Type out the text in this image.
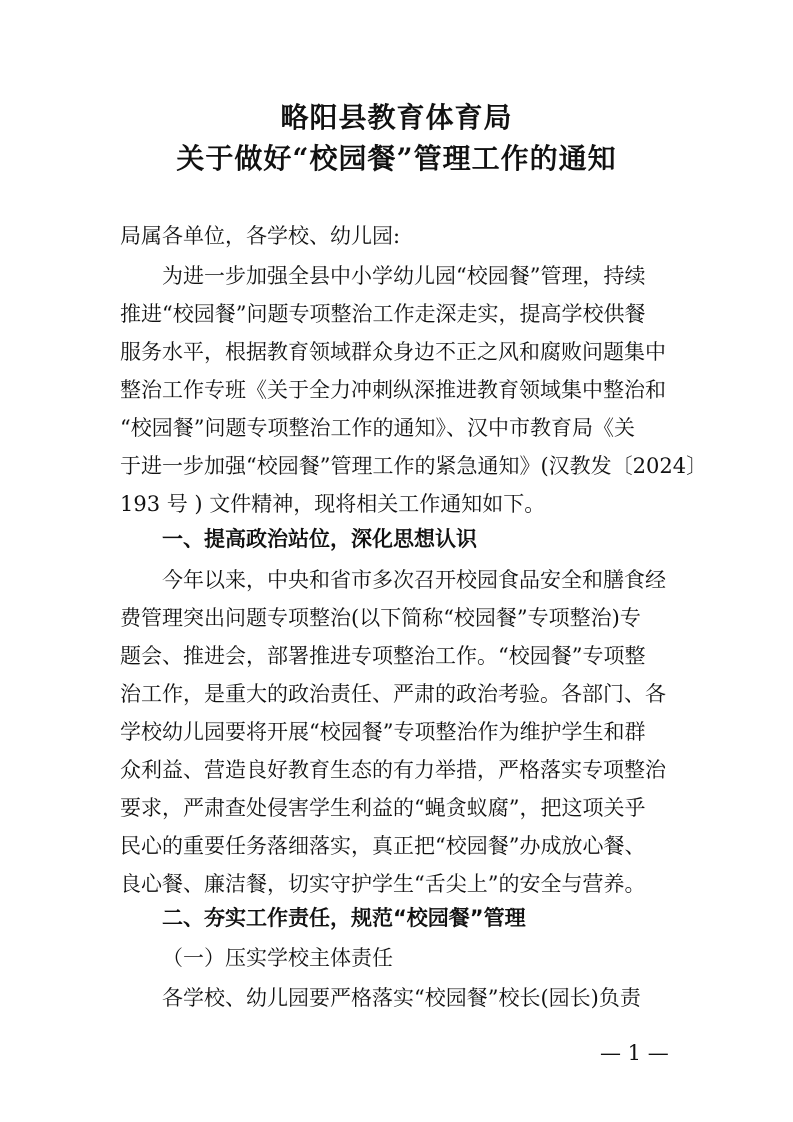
略阳县教育体育局
关于做好“校园餐”管理工作的通知
局属各单位，各学校、幼儿园:
为进一步加强全县中小学幼儿园“校园餐”管理，持续
推进“校园餐”问题专项整治工作走深走实，提高学校供餐
服务水平，根据教育领域群众身边不正之风和腐败问题集中
整治工作专班《关于全力冲刺纵深推进教育领域集中整治和
“校园餐”问题专项整治工作的通知》、汉中市教育局《关
于进一步加强“校园餐”管理工作的紧急通知》(汉教发〔2024〕
193 号 ) 文件精神，现将相关工作通知如下。
一、提高政治站位，深化思想认识
今年以来，中央和省市多次召开校园食品安全和膳食经
费管理突出问题专项整治(以下简称“校园餐”专项整治)专
题会、推进会，部署推进专项整治工作。“校园餐”专项整
治工作，是重大的政治责任、严肃的政治考验。各部门、各
学校幼儿园要将开展“校园餐”专项整治作为维护学生和群
众利益、营造良好教育生态的有力举措，严格落实专项整治
要求，严肃查处侵害学生利益的“蝇贪蚁腐”，把这项关乎
民心的重要任务落细落实，真正把“校园餐”办成放心餐、
良心餐、廉洁餐，切实守护学生“舌尖上”的安全与营养。
二、夯实工作责任，规范“校园餐”管理
（一）压实学校主体责任
各学校、幼儿园要严格落实“校园餐”校长(园长)负责
— 1 —
